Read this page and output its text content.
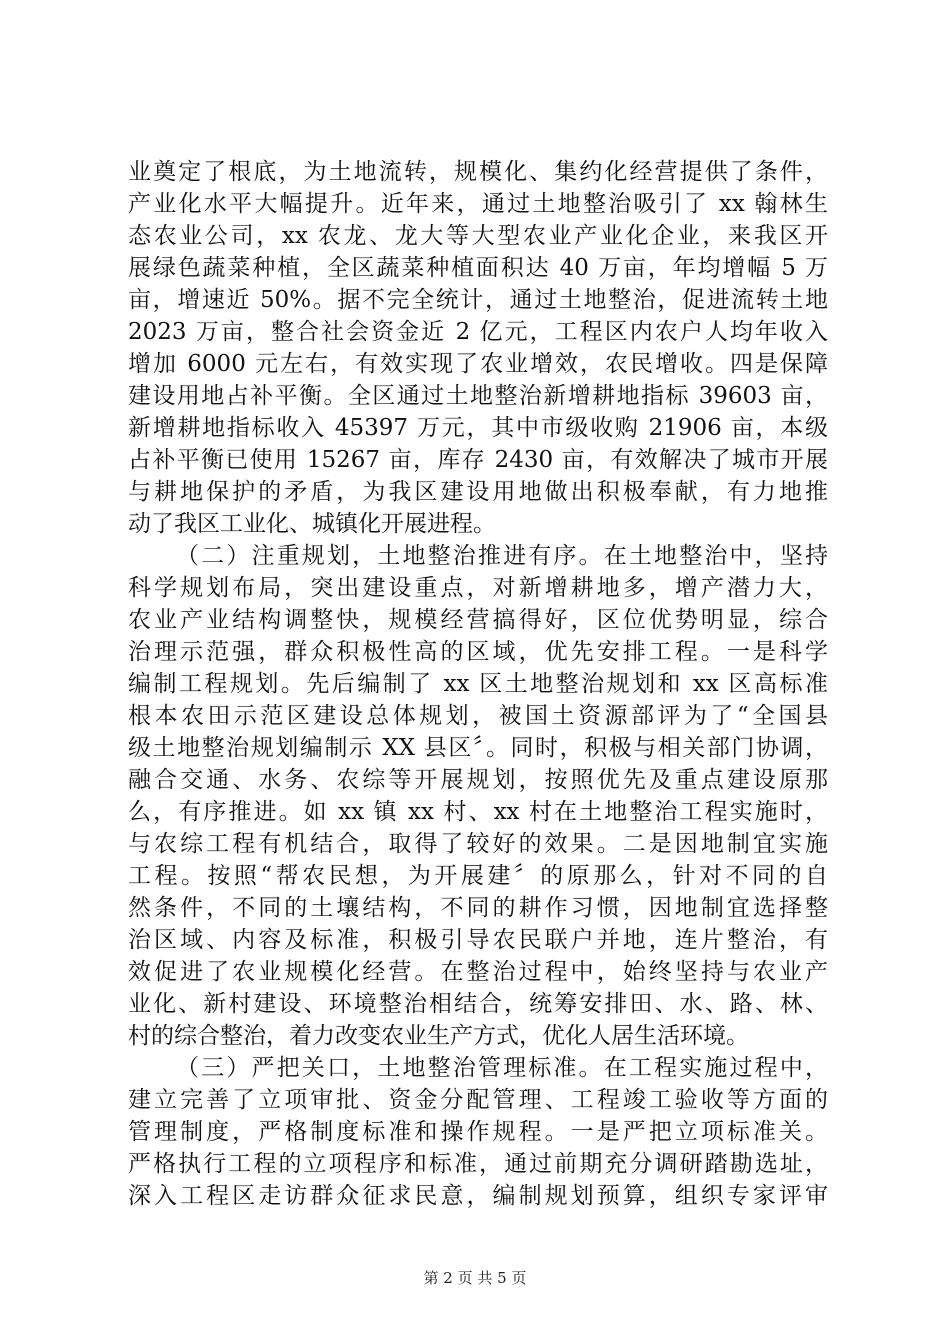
业奠定了根底，为土地流转，规模化、集约化经营提供了条件，
产业化水平大幅提升。近年来，通过土地整治吸引了 xx 翰林生
态农业公司，xx 农龙、龙大等大型农业产业化企业，来我区开
展绿色蔬菜种植，全区蔬菜种植面积达 40 万亩，年均增幅 5 万
亩，增速近 50%。据不完全统计，通过土地整治，促进流转土地
2023 万亩，整合社会资金近 2 亿元，工程区内农户人均年收入
增加 6000 元左右，有效实现了农业增效，农民增收。四是保障
建设用地占补平衡。全区通过土地整治新增耕地指标 39603 亩，
新增耕地指标收入 45397 万元，其中市级收购 21906 亩，本级
占补平衡已使用 15267 亩，库存 2430 亩，有效解决了城市开展
与耕地保护的矛盾，为我区建设用地做出积极奉献，有力地推
动了我区工业化、城镇化开展进程。
（二）注重规划，土地整治推进有序。在土地整治中，坚持
科学规划布局，突出建设重点，对新增耕地多，增产潜力大，
农业产业结构调整快，规模经营搞得好，区位优势明显，综合
治理示范强，群众积极性高的区域，优先安排工程。一是科学
编制工程规划。先后编制了 xx 区土地整治规划和 xx 区高标准
根本农田示范区建设总体规划，被国土资源部评为了“全国县
级土地整治规划编制示 XX 县区〞。同时，积极与相关部门协调，
融合交通、水务、农综等开展规划，按照优先及重点建设原那
么，有序推进。如 xx 镇 xx 村、xx 村在土地整治工程实施时，
与农综工程有机结合，取得了较好的效果。二是因地制宜实施
工程。按照“帮农民想，为开展建〞的原那么，针对不同的自
然条件，不同的土壤结构，不同的耕作习惯，因地制宜选择整
治区域、内容及标准，积极引导农民联户并地，连片整治，有
效促进了农业规模化经营。在整治过程中，始终坚持与农业产
业化、新村建设、环境整治相结合，统筹安排田、水、路、林、
村的综合整治，着力改变农业生产方式，优化人居生活环境。
（三）严把关口，土地整治管理标准。在工程实施过程中，
建立完善了立项审批、资金分配管理、工程竣工验收等方面的
管理制度，严格制度标准和操作规程。一是严把立项标准关。
严格执行工程的立项程序和标准，通过前期充分调研踏勘选址，
深入工程区走访群众征求民意，编制规划预算，组织专家评审
第 2 页 共 5 页
